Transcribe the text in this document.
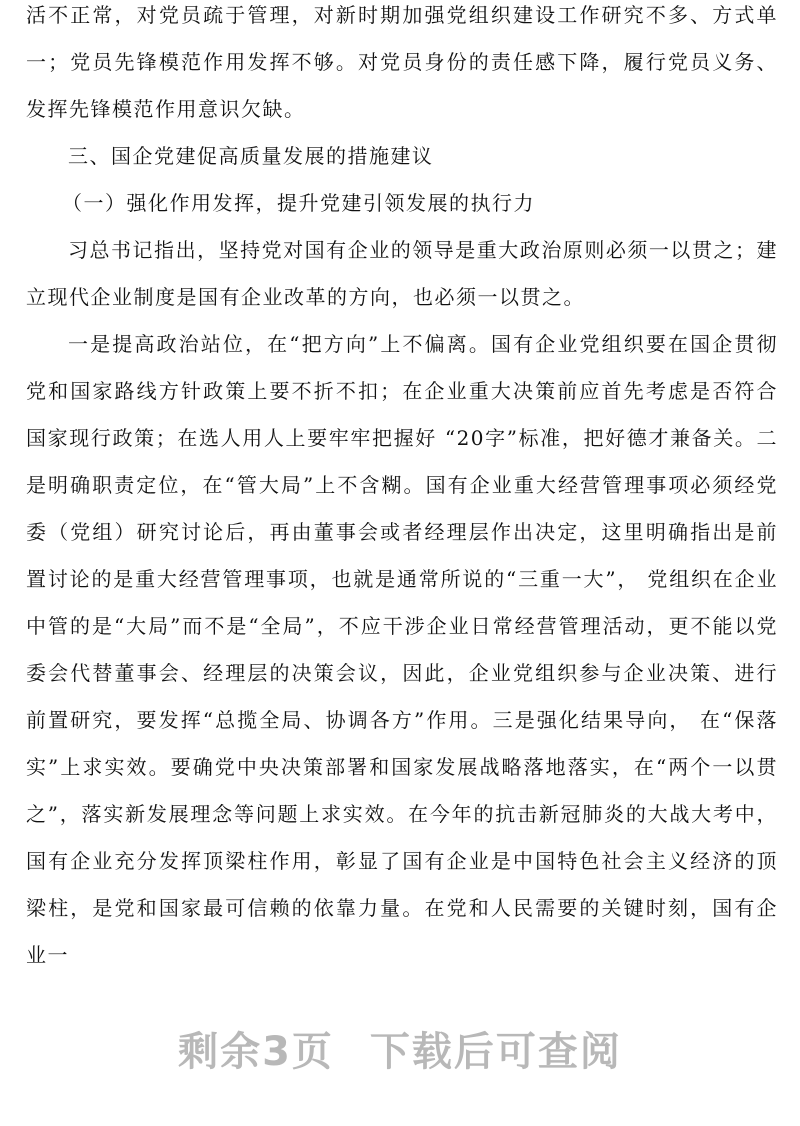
活不正常，对党员疏于管理，对新时期加强党组织建设工作研究不多、方式单一；党员先锋模范作用发挥不够。对党员身份的责任感下降，履行党员义务、发挥先锋模范作用意识欠缺。

三、国企党建促高质量发展的措施建议

（一）强化作用发挥，提升党建引领发展的执行力

习总书记指出，坚持党对国有企业的领导是重大政治原则必须一以贯之；建立现代企业制度是国有企业改革的方向，也必须一以贯之。

一是提高政治站位，在“把方向”上不偏离。国有企业党组织要在国企贯彻党和国家路线方针政策上要不折不扣；在企业重大决策前应首先考虑是否符合国家现行政策；在选人用人上要牢牢把握好 “20字”标准，把好德才兼备关。二是明确职责定位，在“管大局”上不含糊。国有企业重大经营管理事项必须经党委（党组）研究讨论后，再由董事会或者经理层作出决定，这里明确指出是前置讨论的是重大经营管理事项，也就是通常所说的“三重一大”， 党组织在企业中管的是“大局”而不是“全局”，不应干涉企业日常经营管理活动，更不能以党委会代替董事会、经理层的决策会议，因此，企业党组织参与企业决策、进行前置研究，要发挥“总揽全局、协调各方”作用。三是强化结果导向， 在“保落实”上求实效。要确党中央决策部署和国家发展战略落地落实，在“两个一以贯之”，落实新发展理念等问题上求实效。在今年的抗击新冠肺炎的大战大考中，国有企业充分发挥顶梁柱作用，彰显了国有企业是中国特色社会主义经济的顶梁柱，是党和国家最可信赖的依靠力量。在党和人民需要的关键时刻，国有企业一

剩余3页 下载后可查阅
